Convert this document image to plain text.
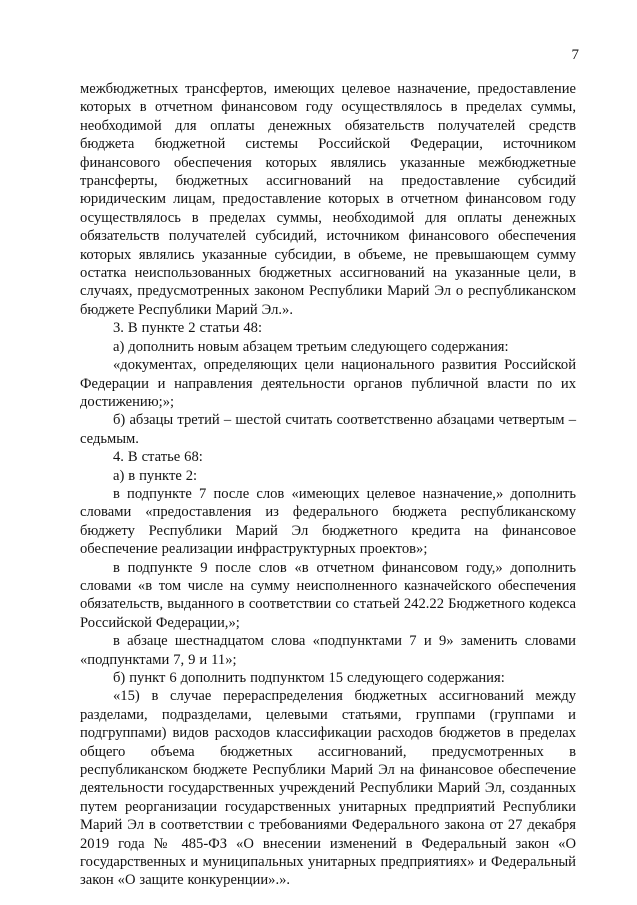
7

межбюджетных трансфертов, имеющих целевое назначение, предоставление которых в отчетном финансовом году осуществлялось в пределах суммы, необходимой для оплаты денежных обязательств получателей средств бюджета бюджетной системы Российской Федерации, источником финансового обеспечения которых являлись указанные межбюджетные трансферты, бюджетных ассигнований на предоставление субсидий юридическим лицам, предоставление которых в отчетном финансовом году осуществлялось в пределах суммы, необходимой для оплаты денежных обязательств получателей субсидий, источником финансового обеспечения которых являлись указанные субсидии, в объеме, не превышающем сумму остатка неиспользованных бюджетных ассигнований на указанные цели, в случаях, предусмотренных законом Республики Марий Эл о республиканском бюджете Республики Марий Эл.».

3. В пункте 2 статьи 48:

а) дополнить новым абзацем третьим следующего содержания:

«документах, определяющих цели национального развития Российской Федерации и направления деятельности органов публичной власти по их достижению;»;

б) абзацы третий – шестой считать соответственно абзацами четвертым – седьмым.

4. В статье 68:

а) в пункте 2:

в подпункте 7 после слов «имеющих целевое назначение,» дополнить словами «предоставления из федерального бюджета республиканскому бюджету Республики Марий Эл бюджетного кредита на финансовое обеспечение реализации инфраструктурных проектов»;

в подпункте 9 после слов «в отчетном финансовом году,» дополнить словами «в том числе на сумму неисполненного казначейского обеспечения обязательств, выданного в соответствии со статьей 242.22 Бюджетного кодекса Российской Федерации,»;

в абзаце шестнадцатом слова «подпунктами 7 и 9» заменить словами «подпунктами 7, 9 и 11»;

б) пункт 6 дополнить подпунктом 15 следующего содержания:

«15) в случае перераспределения бюджетных ассигнований между разделами, подразделами, целевыми статьями, группами (группами и подгруппами) видов расходов классификации расходов бюджетов в пределах общего объема бюджетных ассигнований, предусмотренных в республиканском бюджете Республики Марий Эл на финансовое обеспечение деятельности государственных учреждений Республики Марий Эл, созданных путем реорганизации государственных унитарных предприятий Республики Марий Эл в соответствии с требованиями Федерального закона от 27 декабря 2019 года № 485-ФЗ «О внесении изменений в Федеральный закон «О государственных и муниципальных унитарных предприятиях» и Федеральный закон «О защите конкуренции».».
